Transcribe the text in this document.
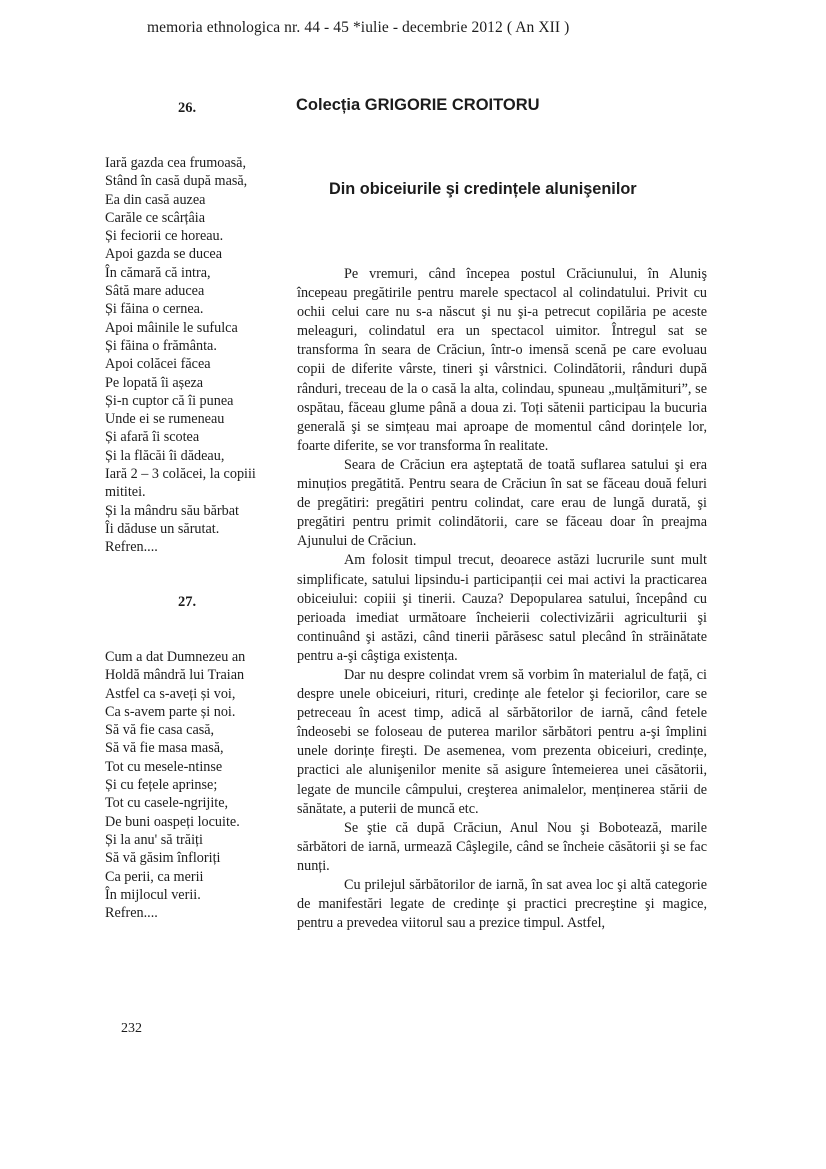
memoria ethnologica nr. 44 - 45 *iulie - decembrie 2012 ( An XII )
26.
Iară gazda cea frumoasă,
Stând în casă după masă,
Ea din casă auzea
Carăle ce scârțâia
Și feciorii ce horeau.
Apoi gazda se ducea
În cămară că intra,
Sâtă mare aducea
Și făina o cernea.
Apoi mâinile le sufulca
Și făina o frământa.
Apoi colăcei făcea
Pe lopată îi așeza
Și-n cuptor că îi punea
Unde ei se rumeneau
Și afară îi scotea
Și la flăcăi îi dădeau,
Iară 2 – 3 colăcei, la copiii
mititei.
Și la mândru său bărbat
Îi dăduse un sărutat.
Refren....
27.
Cum a dat Dumnezeu an
Holdă mândră lui Traian
Astfel ca s-aveți și voi,
Ca s-avem parte și noi.
Să vă fie casa casă,
Să vă fie masa masă,
Tot cu mesele-ntinse
Și cu fețele aprinse;
Tot cu casele-ngrijite,
De buni oaspeți locuite.
Și la anu' să trăiți
Să vă găsim înfloriți
Ca perii, ca merii
În mijlocul verii.
Refren....
Colecția GRIGORIE CROITORU
Din obiceiurile şi credințele alunişenilor

Pe vremuri, când începea postul Crăciunului, în Aluniş începeau pregătirile pentru marele spectacol al colindatului. Privit cu ochii celui care nu s-a născut şi nu şi-a petrecut copilăria pe aceste meleaguri, colindatul era un spectacol uimitor. Întregul sat se transforma în seara de Crăciun, într-o imensă scenă pe care evoluau copii de diferite vârste, tineri şi vârstnici. Colindătorii, rânduri după rânduri, treceau de la o casă la alta, colindau, spuneau „mulțămituri”, se ospătau, făceau glume până a doua zi. Toți sătenii participau la bucuria generală şi se simțeau mai aproape de momentul când dorințele lor, foarte diferite, se vor transforma în realitate.

Seara de Crăciun era aşteptată de toată suflarea satului şi era minuțios pregătită. Pentru seara de Crăciun în sat se făceau două feluri de pregătiri: pregătiri pentru colindat, care erau de lungă durată, şi pregătiri pentru primit colindătorii, care se făceau doar în preajma Ajunului de Crăciun.

Am folosit timpul trecut, deoarece astăzi lucrurile sunt mult simplificate, satului lipsindu-i participanții cei mai activi la practicarea obiceiului: copiii şi tinerii. Cauza? Depopularea satului, începând cu perioada imediat următoare încheierii colectivizării agriculturii şi continuând şi astăzi, când tinerii părăsesc satul plecând în străinătate pentru a-şi câştiga existența.

Dar nu despre colindat vrem să vorbim în materialul de față, ci despre unele obiceiuri, rituri, credințe ale fetelor şi feciorilor, care se petreceau în acest timp, adică al sărbătorilor de iarnă, când fetele îndeosebi se foloseau de puterea marilor sărbători pentru a-şi împlini unele dorințe fireşti. De asemenea, vom prezenta obiceiuri, credințe, practici ale alunişenilor menite să asigure întemeierea unei căsătorii, legate de muncile câmpului, creşterea animalelor, menținerea stării de sănătate, a puterii de muncă etc.

Se ştie că după Crăciun, Anul Nou şi Bobotează, marile sărbători de iarnă, urmează Câşlegile, când se încheie căsătorii şi se fac nunți.

Cu prilejul sărbătorilor de iarnă, în sat avea loc şi altă categorie de manifestări legate de credințe şi practici precreştine şi magice, pentru a prevedea viitorul sau a prezice timpul. Astfel,

232
